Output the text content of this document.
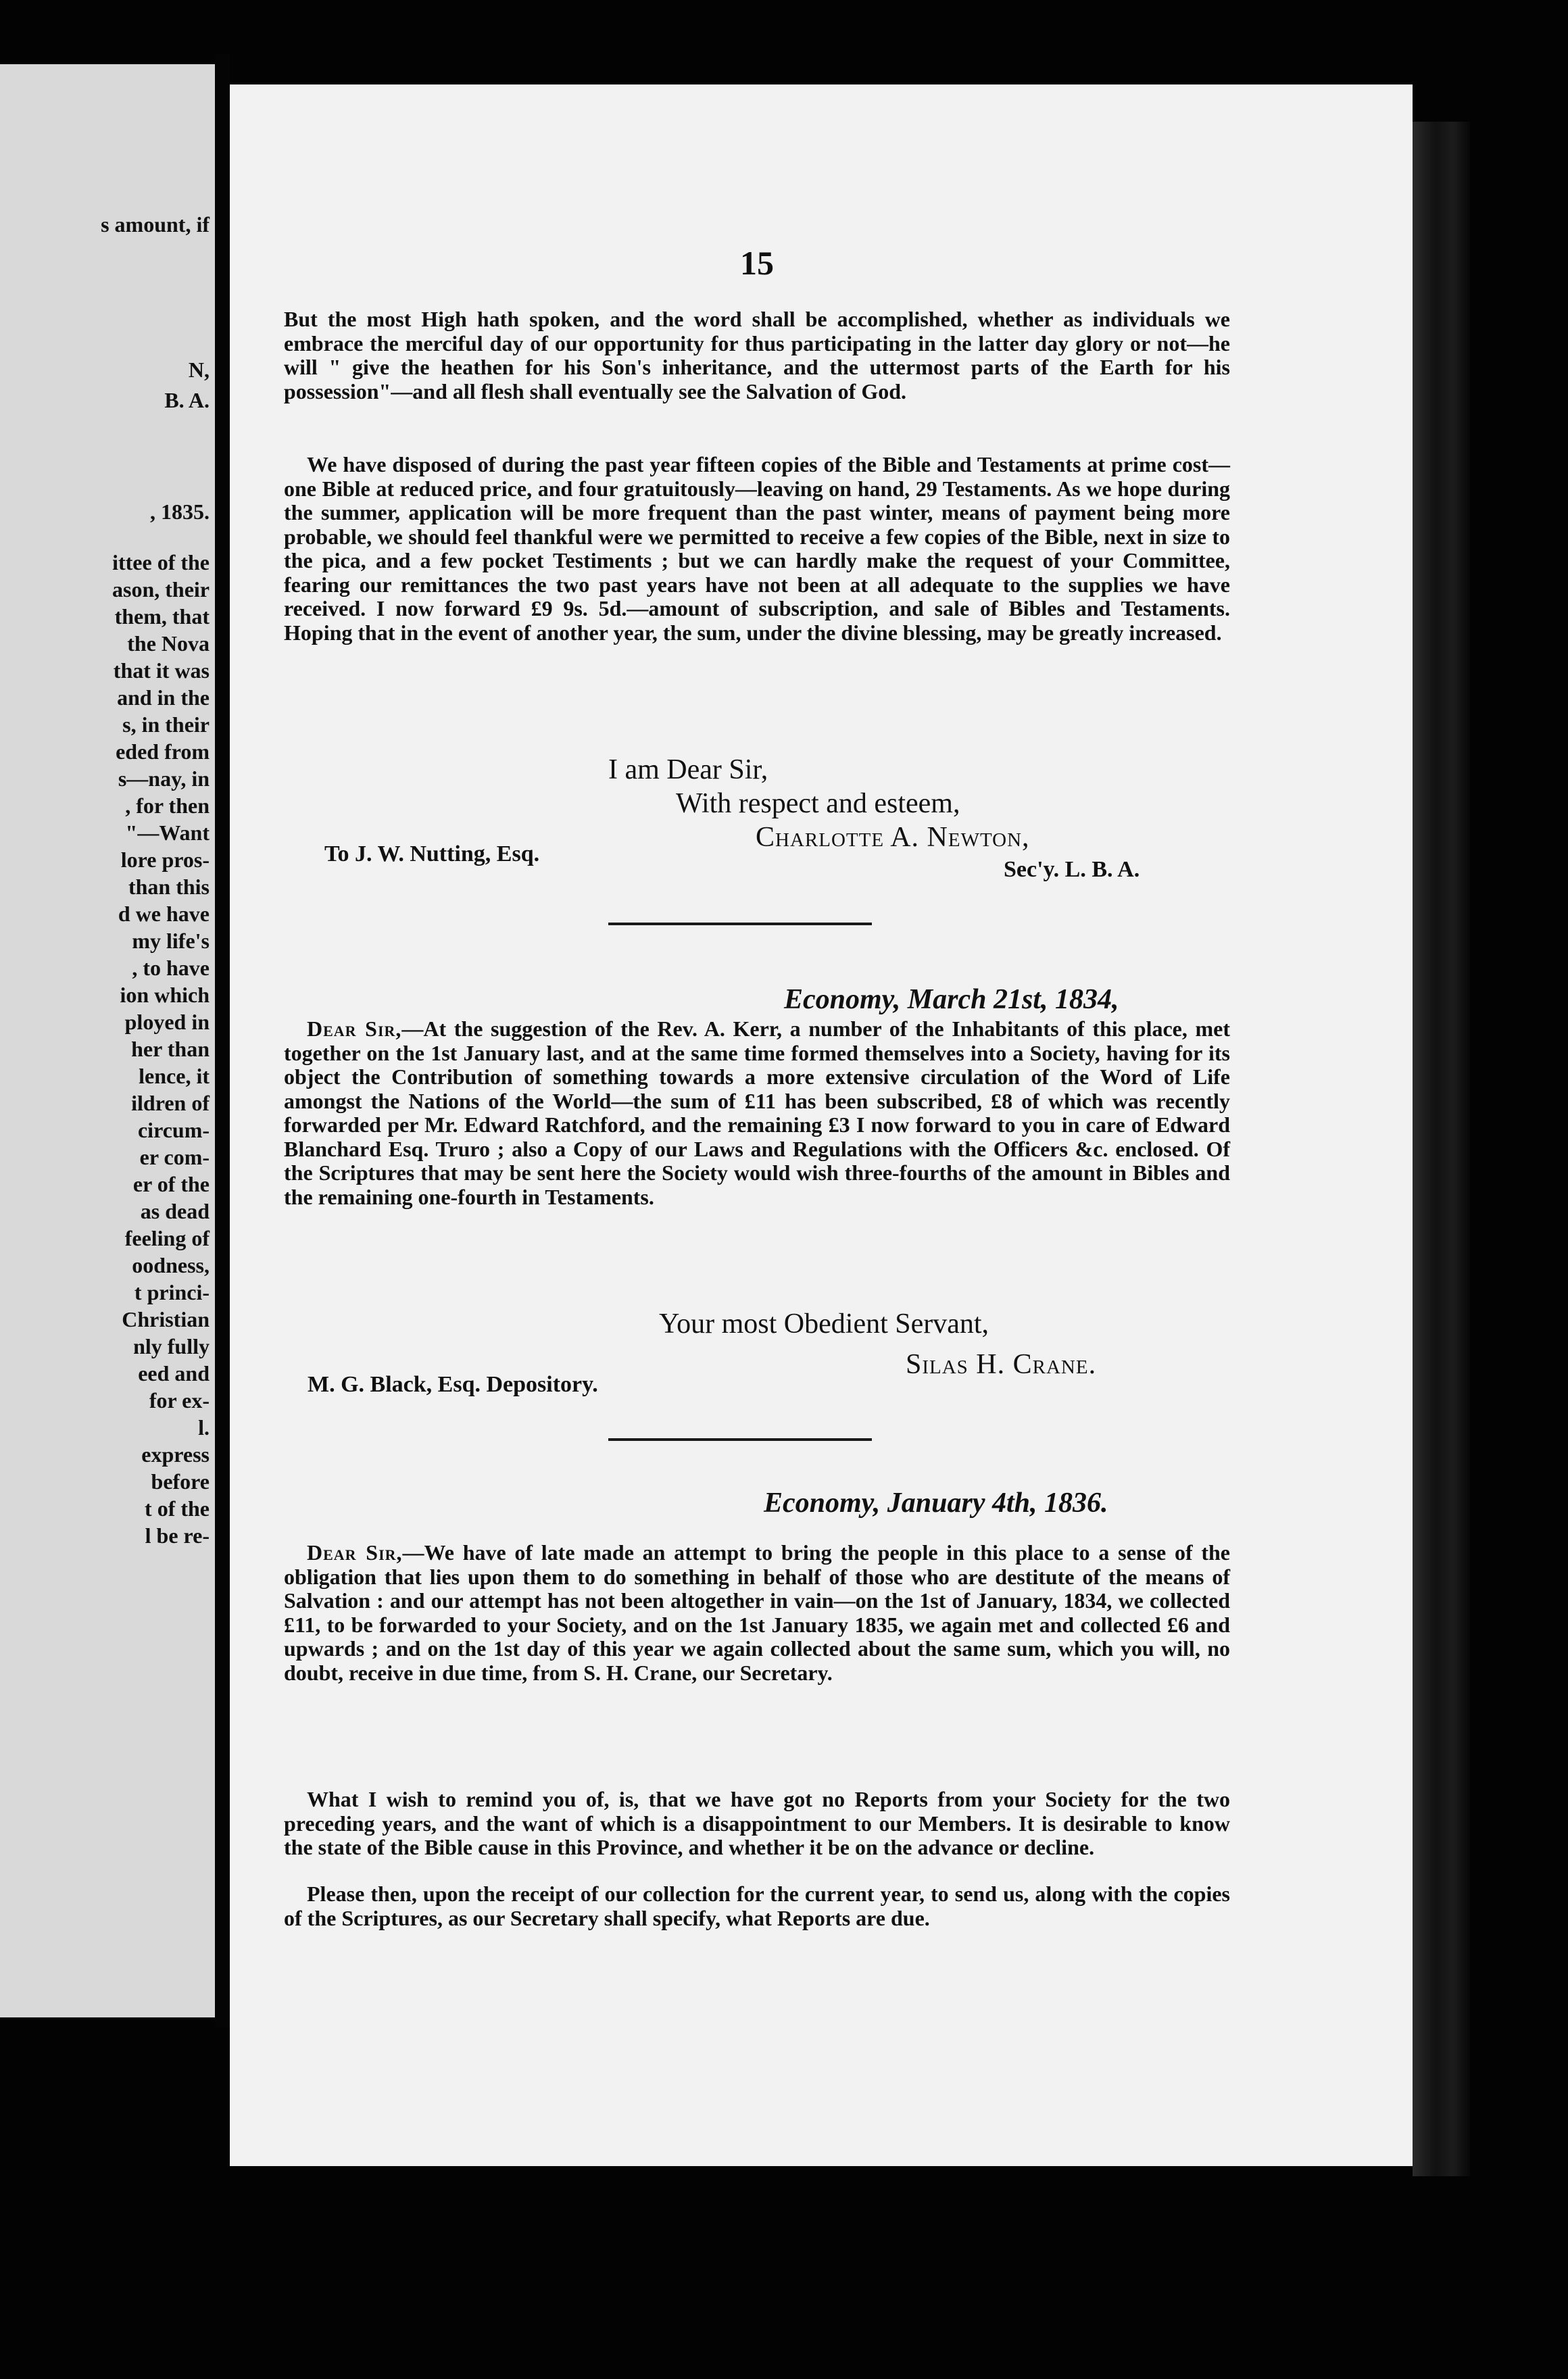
s amount, if
N,
B. A.
, 1835.
ittee of the
ason, their
them, that
the Nova
that it was
and in the
s, in their
eded from
s—nay, in
, for then
"—Want
lore pros-
than this
d we have
my life's
, to have
ion which
ployed in
her than
lence, it
ildren of
circum-
er com-
er of the
as dead
feeling of
oodness,
t princi-
Christian
nly fully
eed and
for ex-
l.
express
before
t of the
l be re-
15

But the most High hath spoken, and the word shall be accomplished, whether as individuals we embrace the merciful day of our opportunity for thus participating in the latter day glory or not—he will " give the heathen for his Son's inheritance, and the uttermost parts of the Earth for his possession"—and all flesh shall eventually see the Salvation of God.

We have disposed of during the past year fifteen copies of the Bible and Testaments at prime cost—one Bible at reduced price, and four gratuitously—leaving on hand, 29 Testaments. As we hope during the summer, application will be more frequent than the past winter, means of payment being more probable, we should feel thankful were we permitted to receive a few copies of the Bible, next in size to the pica, and a few pocket Testiments ; but we can hardly make the request of your Committee, fearing our remittances the two past years have not been at all adequate to the supplies we have received. I now forward £9 9s. 5d.—amount of subscription, and sale of Bibles and Testaments. Hoping that in the event of another year, the sum, under the divine blessing, may be greatly increased.

I am Dear Sir,
With respect and esteem,
Charlotte A. Newton,
To J. W. Nutting, Esq.
Sec'y. L. B. A.
Economy, March 21st, 1834,

Dear Sir,—At the suggestion of the Rev. A. Kerr, a number of the Inhabitants of this place, met together on the 1st January last, and at the same time formed themselves into a Society, having for its object the Contribution of something towards a more extensive circulation of the Word of Life amongst the Nations of the World—the sum of £11 has been subscribed, £8 of which was recently forwarded per Mr. Edward Ratchford, and the remaining £3 I now forward to you in care of Edward Blanchard Esq. Truro ; also a Copy of our Laws and Regulations with the Officers &c. enclosed. Of the Scriptures that may be sent here the Society would wish three-fourths of the amount in Bibles and the remaining one-fourth in Testaments.

Your most Obedient Servant,
M. G. Black, Esq. Depository.
Silas H. Crane.
Economy, January 4th, 1836.

Dear Sir,—We have of late made an attempt to bring the people in this place to a sense of the obligation that lies upon them to do something in behalf of those who are destitute of the means of Salvation : and our attempt has not been altogether in vain—on the 1st of January, 1834, we collected £11, to be forwarded to your Society, and on the 1st January 1835, we again met and collected £6 and upwards ; and on the 1st day of this year we again collected about the same sum, which you will, no doubt, receive in due time, from S. H. Crane, our Secretary.

What I wish to remind you of, is, that we have got no Reports from your Society for the two preceding years, and the want of which is a disappointment to our Members. It is desirable to know the state of the Bible cause in this Province, and whether it be on the advance or decline.

Please then, upon the receipt of our collection for the current year, to send us, along with the copies of the Scriptures, as our Secretary shall specify, what Reports are due.
